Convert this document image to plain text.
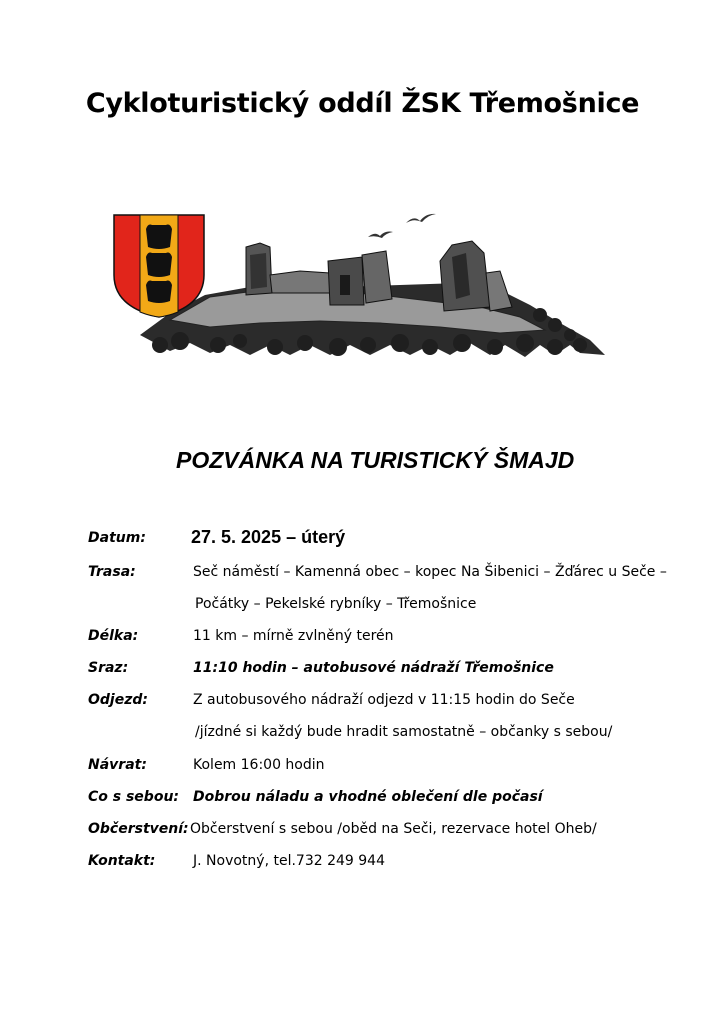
Cykloturistický oddíl ŽSK Třemošnice
POZVÁNKA NA TURISTICKÝ ŠMAJD
Datum:	27. 5. 2025 – úterý
Trasa:	Seč náměstí – Kamenná obec – kopec Na Šibenici – Žďárec u Seče –
Počátky – Pekelské rybníky – Třemošnice
Délka:	11 km – mírně zvlněný terén
Sraz:	11:10 hodin – autobusové nádraží Třemošnice
Odjezd:	Z autobusového nádraží odjezd v 11:15 hodin do Seče
/jízdné si každý bude hradit samostatně – občanky s sebou/
Návrat:	Kolem 16:00 hodin
Co s sebou: Dobrou náladu a vhodné oblečení dle počasí
Občerstvení: Občerstvení s sebou /oběd na Seči, rezervace hotel Oheb/
Kontakt:	J. Novotný, tel.732 249 944
